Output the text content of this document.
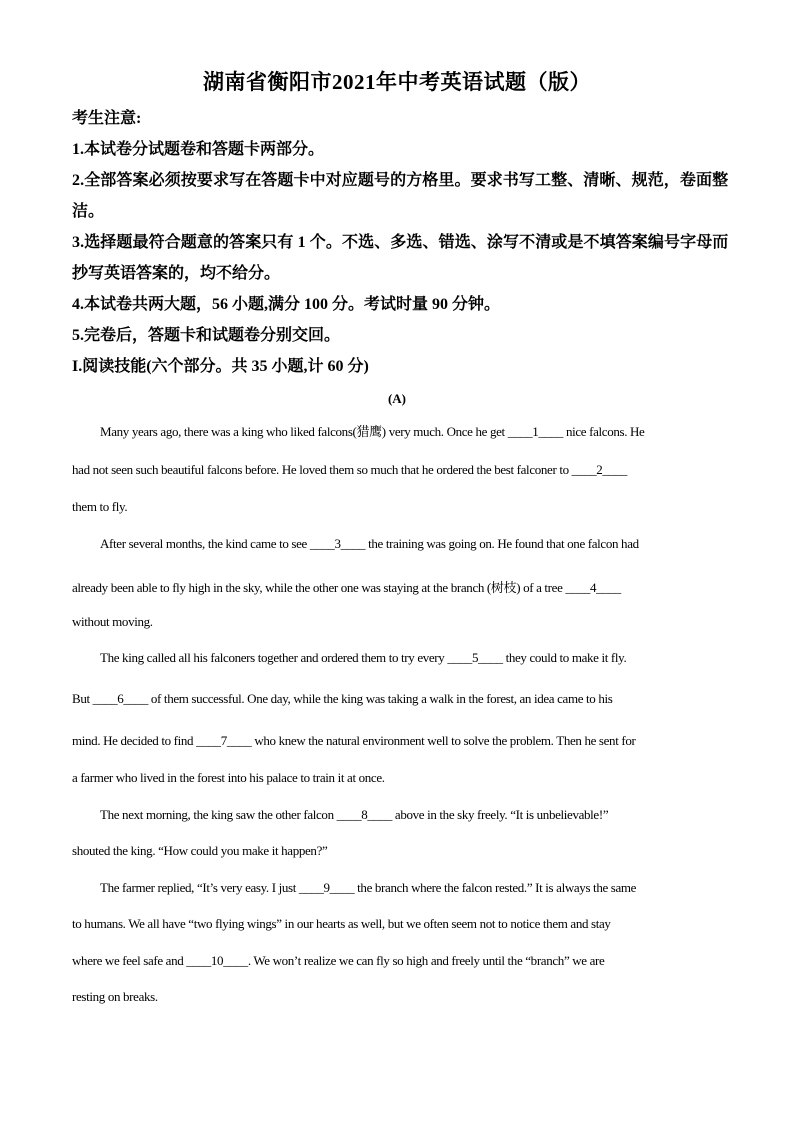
湖南省衡阳市2021年中考英语试题（版）
考生注意:
1.本试卷分试题卷和答题卡两部分。
2.全部答案必须按要求写在答题卡中对应题号的方格里。要求书写工整、清晰、规范，卷面整
洁。
3.选择题最符合题意的答案只有 1 个。不选、多选、错选、涂写不清或是不填答案编号字母而
抄写英语答案的，均不给分。
4.本试卷共两大题，56 小题,满分 100 分。考试时量 90 分钟。
5.完卷后，答题卡和试题卷分别交回。
I.阅读技能(六个部分。共 35 小题,计 60 分)
(A)
Many years ago, there was a king who liked falcons(猎鹰) very much. Once he get ____1____ nice falcons. He
had not seen such beautiful falcons before. He loved them so much that he ordered the best falconer to ____2____
them to fly.
After several months, the kind came to see ____3____ the training was going on. He found that one falcon had
already been able to fly high in the sky, while the other one was staying at the branch (树枝) of a tree ____4____
without moving.
The king called all his falconers together and ordered them to try every ____5____ they could to make it fly.
But ____6____ of them successful. One day, while the king was taking a walk in the forest, an idea came to his
mind. He decided to find ____7____ who knew the natural environment well to solve the problem. Then he sent for
a farmer who lived in the forest into his palace to train it at once.
The next morning, the king saw the other falcon ____8____ above in the sky freely. “It is unbelievable!”
shouted the king. “How could you make it happen?”
The farmer replied, “It’s very easy. I just ____9____ the branch where the falcon rested.” It is always the same
to humans. We all have “two flying wings” in our hearts as well, but we often seem not to notice them and stay
where we feel safe and ____10____. We won’t realize we can fly so high and freely until the “branch” we are
resting on breaks.
